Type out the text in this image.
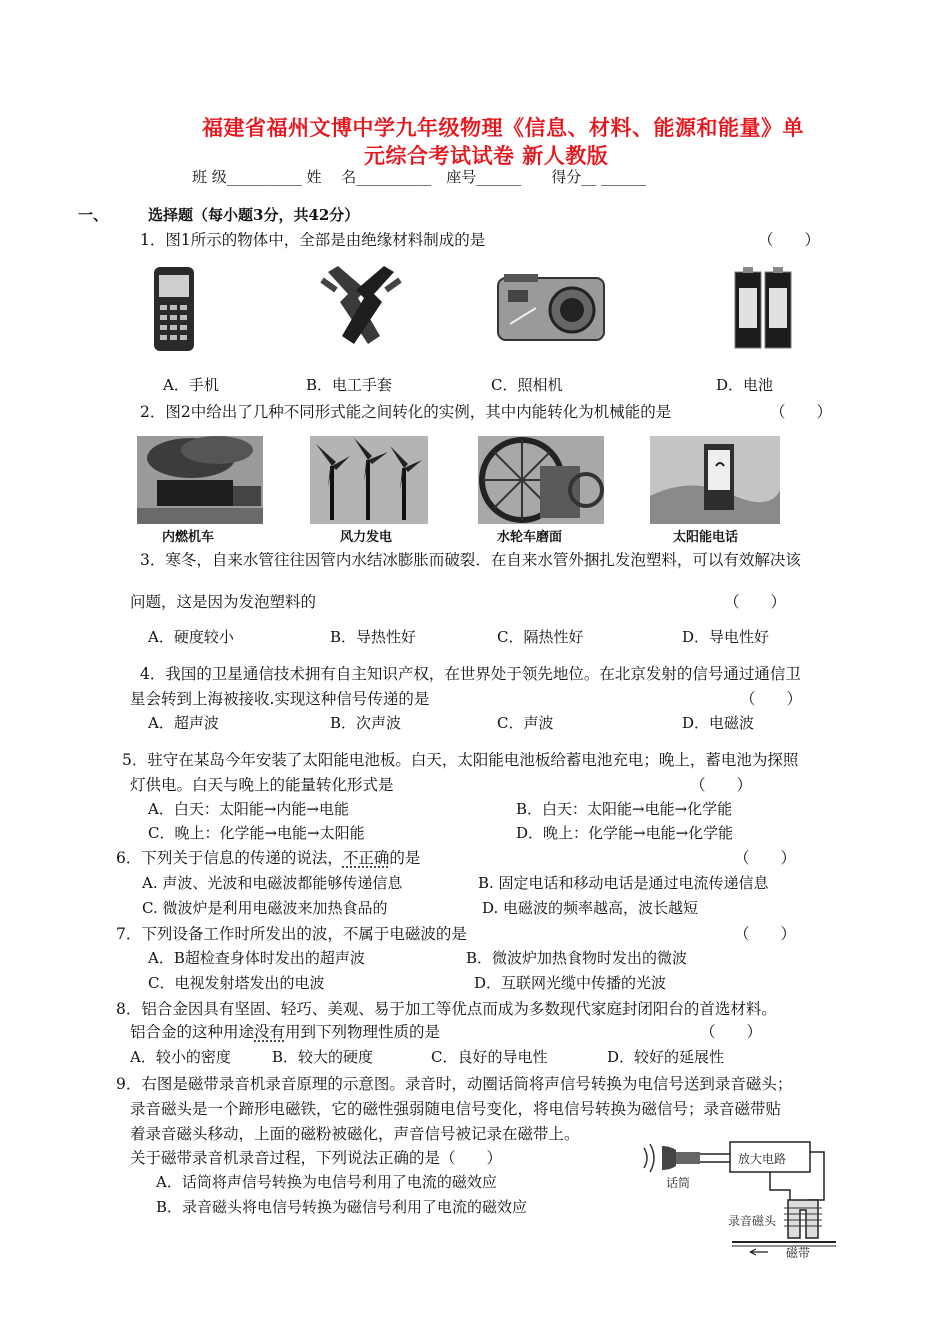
福建省福州文博中学九年级物理《信息、材料、能源和能量》单
元综合考试试卷 新人教版
班 级__________ 姓　 名__________　座号______　　得分__ ______
一、	选择题（每小题3分，共42分）
1．图1所示的物体中，全部是由绝缘材料制成的是	（　　）
A．手机	B．电工手套	C．照相机	D．电池
2．图2中给出了几种不同形式能之间转化的实例，其中内能转化为机械能的是	（　　）
内燃机车	风力发电	水轮车磨面	太阳能电话
3．寒冬，自来水管往往因管内水结冰膨胀而破裂．在自来水管外捆扎发泡塑料，可以有效解决该
问题，这是因为发泡塑料的	（　　）
A．硬度较小	B．导热性好	C．隔热性好	D．导电性好
4．我国的卫星通信技术拥有自主知识产权，在世界处于领先地位。在北京发射的信号通过通信卫
星会转到上海被接收.实现这种信号传递的是	（　　）
A．超声波	B．次声波	C．声波	D．电磁波
5．驻守在某岛今年安装了太阳能电池板。白天，太阳能电池板给蓄电池充电；晚上，蓄电池为探照
灯供电。白天与晚上的能量转化形式是	（　　）
A．白天：太阳能→内能→电能	B．白天：太阳能→电能→化学能
C．晚上：化学能→电能→太阳能	D．晚上：化学能→电能→化学能
6．下列关于信息的传递的说法，不正确的是	（　　）
A. 声波、光波和电磁波都能够传递信息	B. 固定电话和移动电话是通过电流传递信息
C. 微波炉是利用电磁波来加热食品的	D. 电磁波的频率越高，波长越短
7．下列设备工作时所发出的波，不属于电磁波的是	（　　）
A．B超检查身体时发出的超声波	B．微波炉加热食物时发出的微波
C．电视发射塔发出的电波	D．互联网光缆中传播的光波
8．铝合金因具有坚固、轻巧、美观、易于加工等优点而成为多数现代家庭封闭阳台的首选材料。
铝合金的这种用途没有用到下列物理性质的是	（　　）
A．较小的密度	B．较大的硬度	C．良好的导电性	D．较好的延展性
9．右图是磁带录音机录音原理的示意图。录音时，动圈话筒将声信号转换为电信号送到录音磁头；
录音磁头是一个蹄形电磁铁，它的磁性强弱随电信号变化，将电信号转换为磁信号；录音磁带贴
着录音磁头移动，上面的磁粉被磁化，声音信号被记录在磁带上。
关于磁带录音机录音过程，下列说法正确的是（　　）
A．话筒将声信号转换为电信号利用了电流的磁效应
B．录音磁头将电信号转换为磁信号利用了电流的磁效应
放大电路
话筒
录音磁头
磁带
